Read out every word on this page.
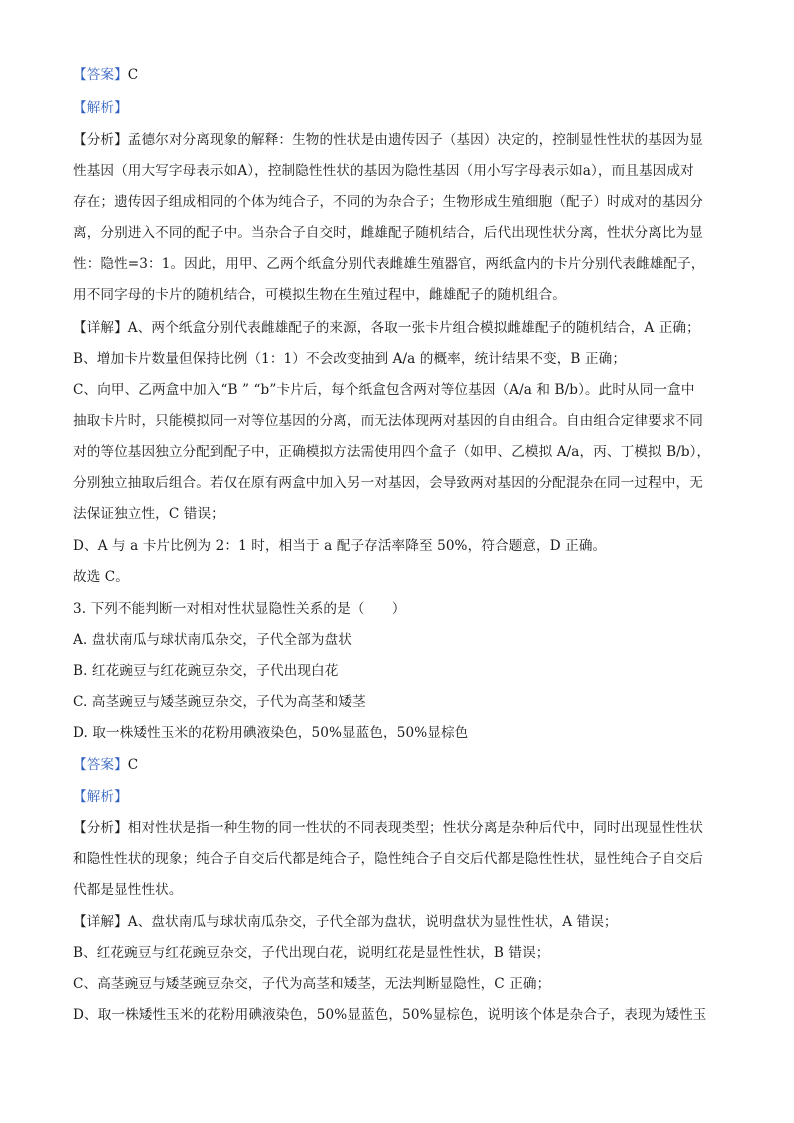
【答案】C
【解析】
【分析】孟德尔对分离现象的解释：生物的性状是由遗传因子（基因）决定的，控制显性性状的基因为显
性基因（用大写字母表示如A），控制隐性性状的基因为隐性基因（用小写字母表示如a），而且基因成对
存在；遗传因子组成相同的个体为纯合子，不同的为杂合子；生物形成生殖细胞（配子）时成对的基因分
离，分别进入不同的配子中。当杂合子自交时，雌雄配子随机结合，后代出现性状分离，性状分离比为显
性：隐性=3：1。因此，用甲、乙两个纸盒分别代表雌雄生殖器官，两纸盒内的卡片分别代表雌雄配子，
用不同字母的卡片的随机结合，可模拟生物在生殖过程中，雌雄配子的随机组合。
【详解】A、两个纸盒分别代表雌雄配子的来源，各取一张卡片组合模拟雌雄配子的随机结合，A 正确；
B、增加卡片数量但保持比例（1：1）不会改变抽到 A/a 的概率，统计结果不变，B 正确；
C、向甲、乙两盒中加入“B ” “b”卡片后，每个纸盒包含两对等位基因（A/a 和 B/b）。此时从同一盒中
抽取卡片时，只能模拟同一对等位基因的分离，而无法体现两对基因的自由组合。自由组合定律要求不同
对的等位基因独立分配到配子中，正确模拟方法需使用四个盒子（如甲、乙模拟 A/a，丙、丁模拟 B/b），
分别独立抽取后组合。若仅在原有两盒中加入另一对基因，会导致两对基因的分配混杂在同一过程中，无
法保证独立性，C 错误；
D、A 与 a 卡片比例为 2：1 时，相当于 a 配子存活率降至 50%，符合题意，D 正确。
故选 C。
3. 下列不能判断一对相对性状显隐性关系的是（　　）
A. 盘状南瓜与球状南瓜杂交，子代全部为盘状
B. 红花豌豆与红花豌豆杂交，子代出现白花
C. 高茎豌豆与矮茎豌豆杂交，子代为高茎和矮茎
D. 取一株矮性玉米的花粉用碘液染色，50%显蓝色，50%显棕色
【答案】C
【解析】
【分析】相对性状是指一种生物的同一性状的不同表现类型；性状分离是杂种后代中，同时出现显性性状
和隐性性状的现象；纯合子自交后代都是纯合子，隐性纯合子自交后代都是隐性性状，显性纯合子自交后
代都是显性性状。
【详解】A、盘状南瓜与球状南瓜杂交，子代全部为盘状，说明盘状为显性性状，A 错误；
B、红花豌豆与红花豌豆杂交，子代出现白花，说明红花是显性性状，B 错误；
C、高茎豌豆与矮茎豌豆杂交，子代为高茎和矮茎，无法判断显隐性，C 正确；
D、取一株矮性玉米的花粉用碘液染色，50%显蓝色，50%显棕色，说明该个体是杂合子，表现为矮性玉
